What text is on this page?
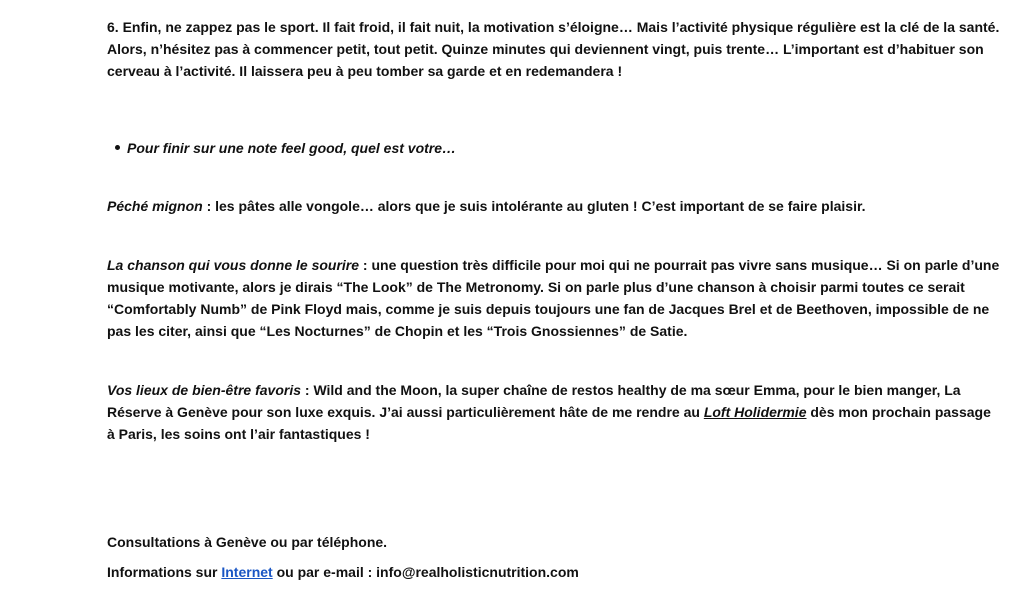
6. Enfin, ne zappez pas le sport. Il fait froid, il fait nuit, la motivation s’éloigne… Mais l’activité physique régulière est la clé de la santé. Alors, n’hésitez pas à commencer petit, tout petit. Quinze minutes qui deviennent vingt, puis trente… L’important est d’habituer son cerveau à l’activité. Il laissera peu à peu tomber sa garde et en redemandera !

Pour finir sur une note feel good, quel est votre…

Péché mignon : les pâtes alle vongole… alors que je suis intolérante au gluten ! C’est important de se faire plaisir.

La chanson qui vous donne le sourire : une question très difficile pour moi qui ne pourrait pas vivre sans musique… Si on parle d’une musique motivante, alors je dirais “The Look” de The Metronomy. Si on parle plus d’une chanson à choisir parmi toutes ce serait “Comfortably Numb” de Pink Floyd mais, comme je suis depuis toujours une fan de Jacques Brel et de Beethoven, impossible de ne pas les citer, ainsi que “Les Nocturnes” de Chopin et les “Trois Gnossiennes” de Satie.

Vos lieux de bien-être favoris : Wild and the Moon, la super chaîne de restos healthy de ma sœur Emma, pour le bien manger, La Réserve à Genève pour son luxe exquis. J’ai aussi particulièrement hâte de me rendre au Loft Holidermie dès mon prochain passage à Paris, les soins ont l’air fantastiques !

Consultations à Genève ou par téléphone.

Informations sur Internet ou par e-mail : info@realholisticnutrition.com
